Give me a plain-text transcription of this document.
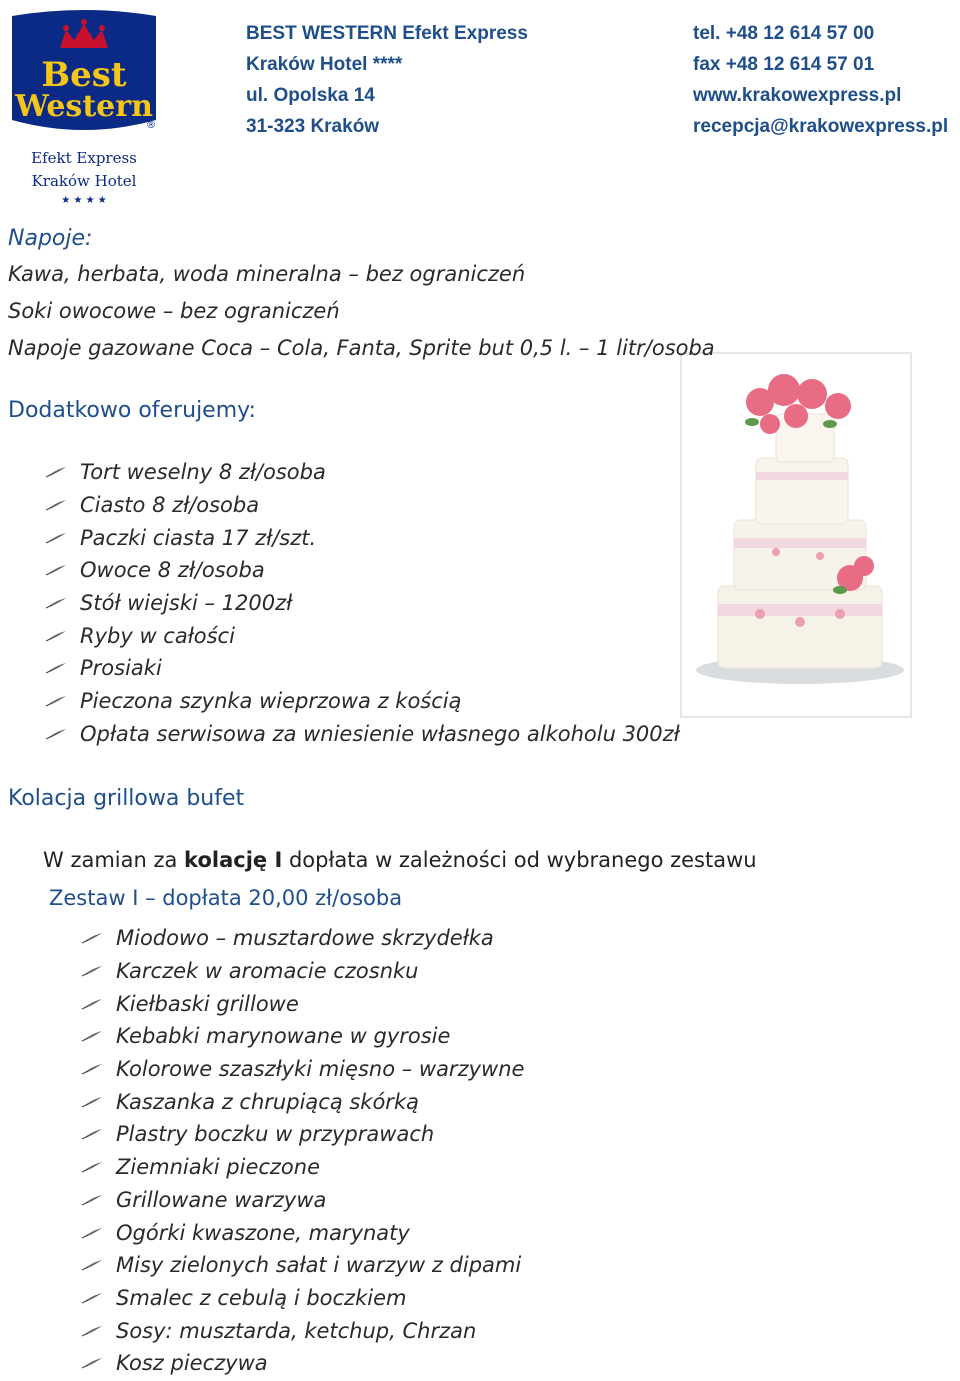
Best
Western
®
Efekt Express
Kraków Hotel
★ ★ ★ ★
BEST WESTERN Efekt Express
Kraków Hotel ****
ul. Opolska 14
31-323 Kraków
tel. +48 12 614 57 00
fax +48 12 614 57 01
www.krakowexpress.pl
recepcja@krakowexpress.pl
Napoje:
Kawa, herbata, woda mineralna – bez ograniczeń
Soki owocowe – bez ograniczeń
Napoje gazowane Coca – Cola, Fanta, Sprite but 0,5 l. – 1 litr/osoba
Dodatkowo oferujemy:
Tort weselny 8 zł/osoba
Ciasto 8 zł/osoba
Paczki ciasta 17 zł/szt.
Owoce 8 zł/osoba
Stół wiejski – 1200zł
Ryby w całości
Prosiaki
Pieczona szynka wieprzowa z kością
Opłata serwisowa za wniesienie własnego alkoholu 300zł
Kolacja grillowa bufet
W zamian za kolację I dopłata w zależności od wybranego zestawu
Zestaw I – dopłata 20,00 zł/osoba
Miodowo – musztardowe skrzydełka
Karczek w aromacie czosnku
Kiełbaski grillowe
Kebabki marynowane w gyrosie
Kolorowe szaszłyki mięsno – warzywne
Kaszanka z chrupiącą skórką
Plastry boczku w przyprawach
Ziemniaki pieczone
Grillowane warzywa
Ogórki kwaszone, marynaty
Misy zielonych sałat i warzyw z dipami
Smalec z cebulą i boczkiem
Sosy: musztarda, ketchup, Chrzan
Kosz pieczywa
